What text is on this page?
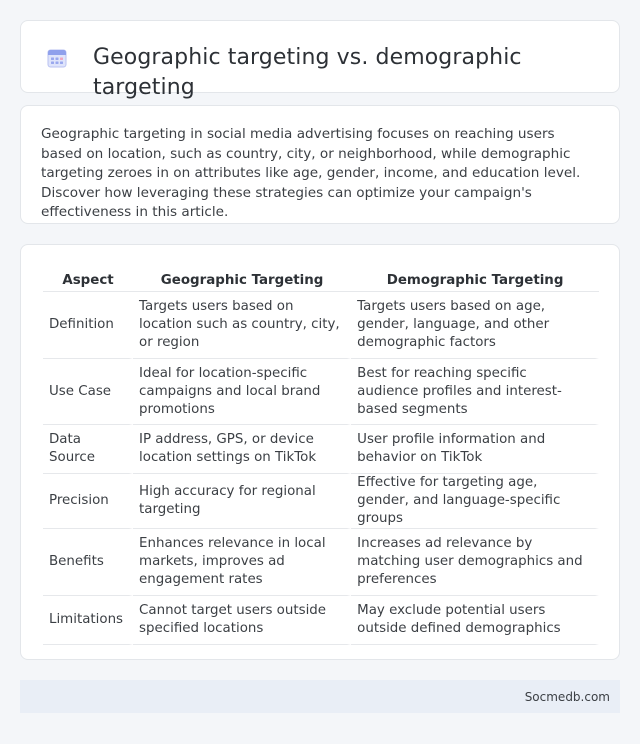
Geographic targeting vs. demographic targeting

Geographic targeting in social media advertising focuses on reaching users based on location, such as country, city, or neighborhood, while demographic targeting zeroes in on attributes like age, gender, income, and education level. Discover how leveraging these strategies can optimize your campaign's effectiveness in this article.

Aspect	Geographic Targeting	Demographic Targeting
Definition	Targets users based on location such as country, city, or region	Targets users based on age, gender, language, and other demographic factors
Use Case	Ideal for location-specific campaigns and local brand promotions	Best for reaching specific audience profiles and interest-based segments
Data Source	IP address, GPS, or device location settings on TikTok	User profile information and behavior on TikTok
Precision	High accuracy for regional targeting	Effective for targeting age, gender, and language-specific groups
Benefits	Enhances relevance in local markets, improves ad engagement rates	Increases ad relevance by matching user demographics and preferences
Limitations	Cannot target users outside specified locations	May exclude potential users outside defined demographics
Socmedb.com
